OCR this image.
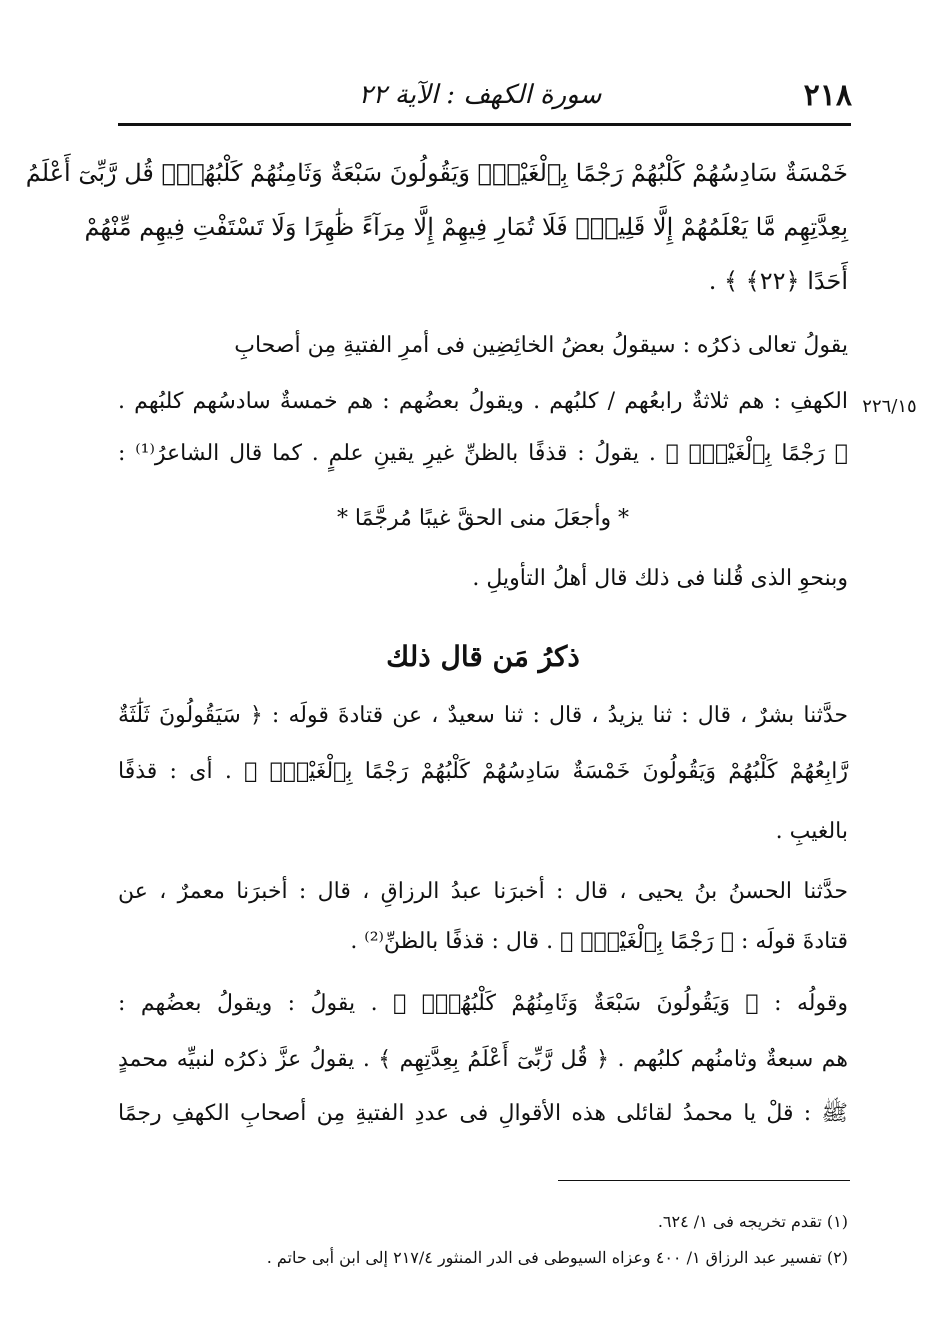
٢١٨
سورة الكهف : الآية ٢٢
خَمْسَةٌ سَادِسُهُمْ كَلْبُهُمْ رَجْمًا بِٱلْغَيْبِۖ وَيَقُولُونَ سَبْعَةٌ وَثَامِنُهُمْ كَلْبُهُمْۚ قُل رَّبِّىٓ أَعْلَمُ
بِعِدَّتِهِم مَّا يَعْلَمُهُمْ إِلَّا قَلِيلٌۗ فَلَا تُمَارِ فِيهِمْ إِلَّا مِرَآءً ظَٰهِرًا وَلَا تَسْتَفْتِ فِيهِم مِّنْهُمْ
أَحَدًا ﴿٢٢﴾ ﴾ .
يقولُ تعالى ذكرُه : سيقولُ بعضُ الخائِضِين فى أمرِ الفتيةِ مِن أصحابِ
الكهفِ : هم ثلاثةٌ رابعُهم / كلبُهم . ويقولُ بعضُهم : هم خمسةٌ سادسُهم كلبُهم . ٢٢٦/١٥
﴿ رَجْمًا بِٱلْغَيْبِۖ ﴾ . يقولُ : قذفًا بالظنِّ غيرِ يقينِ علمٍ . كما قال الشاعرُ⁽¹⁾ :
* وأجعَلَ منى الحقَّ غيبًا مُرجَّمًا *
وبنحوِ الذى قُلنا فى ذلك قال أهلُ التأويلِ .
ذكرُ مَن قال ذلك
حدَّثنا بشرٌ ، قال : ثنا يزيدُ ، قال : ثنا سعيدٌ ، عن قتادةَ قولَه : ﴿ سَيَقُولُونَ ثَلَٰثَةٌ
رَّابِعُهُمْ كَلْبُهُمْ وَيَقُولُونَ خَمْسَةٌ سَادِسُهُمْ كَلْبُهُمْ رَجْمًا بِٱلْغَيْبِۖ ﴾ . أى : قذفًا
بالغيبِ .
حدَّثنا الحسنُ بنُ يحيى ، قال : أخبرَنا عبدُ الرزاقِ ، قال : أخبرَنا معمرٌ ، عن
قتادةَ قولَه : ﴿ رَجْمًا بِٱلْغَيْبِۖ ﴾ . قال : قذفًا بالظنِّ⁽²⁾ .
وقولُه : ﴿ وَيَقُولُونَ سَبْعَةٌ وَثَامِنُهُمْ كَلْبُهُمْۚ ﴾ . يقولُ : ويقولُ بعضُهم :
هم سبعةٌ وثامنُهم كلبُهم . ﴿ قُل رَّبِّىٓ أَعْلَمُ بِعِدَّتِهِم ﴾ . يقولُ عزَّ ذكرُه لنبيِّه محمدٍ
ﷺ : قلْ يا محمدُ لقائلى هذه الأقوالِ فى عددِ الفتيةِ مِن أصحابِ الكهفِ رجمًا
(١) تقدم تخريجه فى ١/ ٦٢٤.
(٢) تفسير عبد الرزاق ١/ ٤٠٠ وعزاه السيوطى فى الدر المنثور ٢١٧/٤ إلى ابن أبى حاتم .
